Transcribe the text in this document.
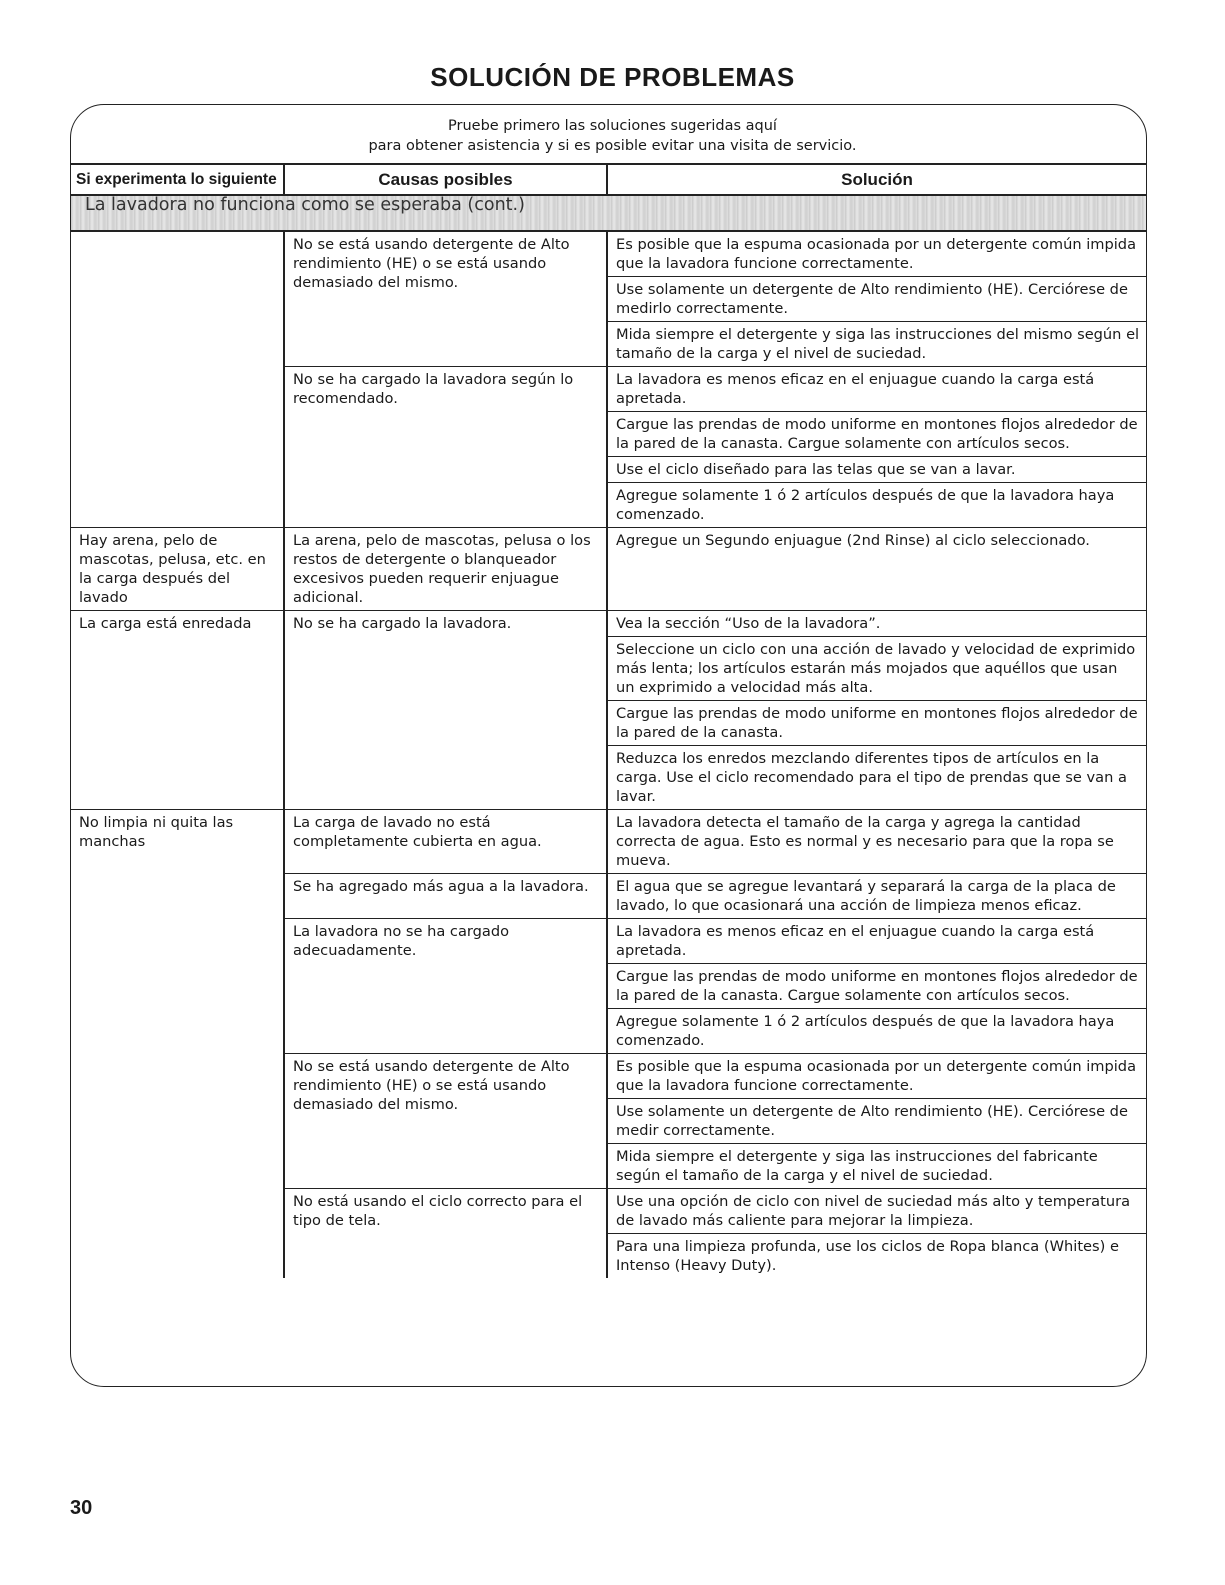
SOLUCIÓN DE PROBLEMAS
Pruebe primero las soluciones sugeridas aquí
para obtener asistencia y si es posible evitar una visita de servicio.
Si experimenta lo siguiente	Causas posibles	Solución
La lavadora no funciona como se esperaba (cont.)		
	No se está usando detergente de Alto rendimiento (HE) o se está usando demasiado del mismo.	Es posible que la espuma ocasionada por un detergente común impida que la lavadora funcione correctamente.
		Use solamente un detergente de Alto rendimiento (HE). Cerciórese de medirlo correctamente.
		Mida siempre el detergente y siga las instrucciones del mismo según el tamaño de la carga y el nivel de suciedad.
	No se ha cargado la lavadora según lo recomendado.	La lavadora es menos eficaz en el enjuague cuando la carga está apretada.
		Cargue las prendas de modo uniforme en montones flojos alrededor de la pared de la canasta. Cargue solamente con artículos secos.
		Use el ciclo diseñado para las telas que se van a lavar.
		Agregue solamente 1 ó 2 artículos después de que la lavadora haya comenzado.
Hay arena, pelo de mascotas, pelusa, etc. en la carga después del lavado	La arena, pelo de mascotas, pelusa o los restos de detergente o blanqueador excesivos pueden requerir enjuague adicional.	Agregue un Segundo enjuague (2nd Rinse) al ciclo seleccionado.
La carga está enredada	No se ha cargado la lavadora.	Vea la sección “Uso de la lavadora”.
		Seleccione un ciclo con una acción de lavado y velocidad de exprimido más lenta; los artículos estarán más mojados que aquéllos que usan un exprimido a velocidad más alta.
		Cargue las prendas de modo uniforme en montones flojos alrededor de la pared de la canasta.
		Reduzca los enredos mezclando diferentes tipos de artículos en la carga. Use el ciclo recomendado para el tipo de prendas que se van a lavar.
No limpia ni quita las manchas	La carga de lavado no está completamente cubierta en agua.	La lavadora detecta el tamaño de la carga y agrega la cantidad correcta de agua. Esto es normal y es necesario para que la ropa se mueva.
	Se ha agregado más agua a la lavadora.	El agua que se agregue levantará y separará la carga de la placa de lavado, lo que ocasionará una acción de limpieza menos eficaz.
	La lavadora no se ha cargado adecuadamente.	La lavadora es menos eficaz en el enjuague cuando la carga está apretada.
		Cargue las prendas de modo uniforme en montones flojos alrededor de la pared de la canasta. Cargue solamente con artículos secos.
		Agregue solamente 1 ó 2 artículos después de que la lavadora haya comenzado.
	No se está usando detergente de Alto rendimiento (HE) o se está usando demasiado del mismo.	Es posible que la espuma ocasionada por un detergente común impida que la lavadora funcione correctamente.
		Use solamente un detergente de Alto rendimiento (HE). Cerciórese de medir correctamente.
		Mida siempre el detergente y siga las instrucciones del fabricante según el tamaño de la carga y el nivel de suciedad.
	No está usando el ciclo correcto para el tipo de tela.	Use una opción de ciclo con nivel de suciedad más alto y temperatura de lavado más caliente para mejorar la limpieza.
		Para una limpieza profunda, use los ciclos de Ropa blanca (Whites) e Intenso (Heavy Duty).
30
